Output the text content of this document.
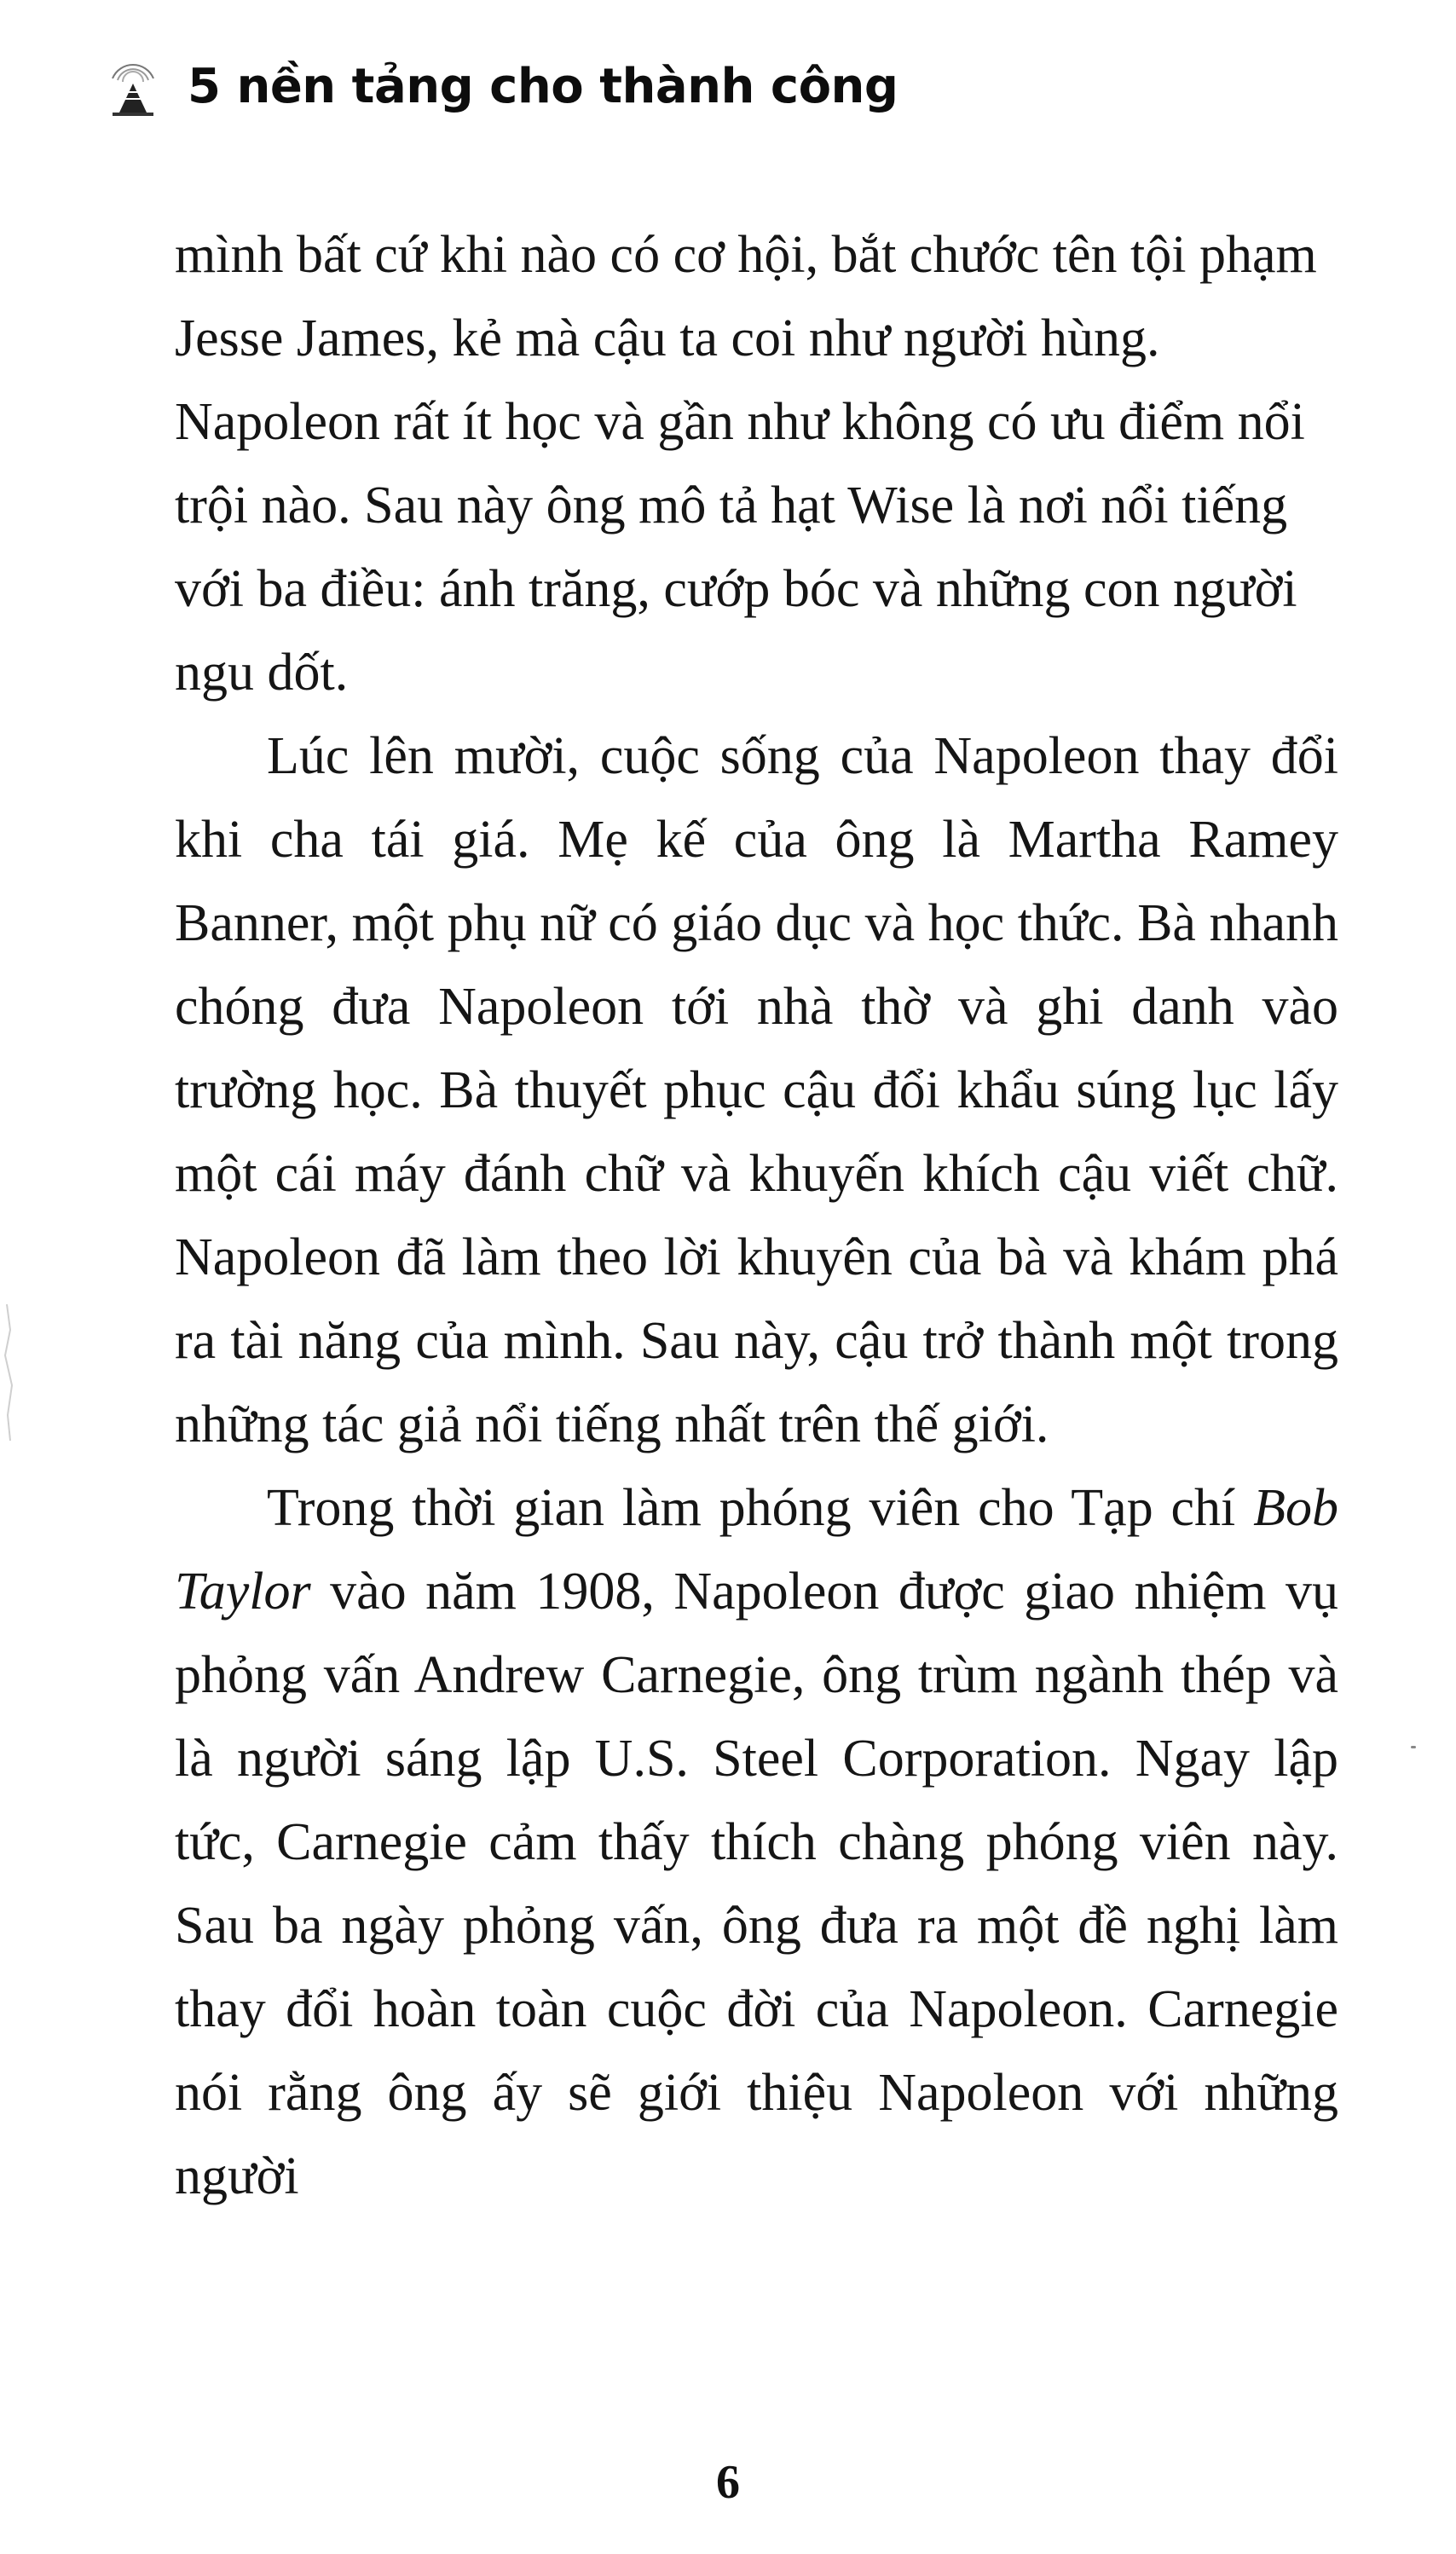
5 nền tảng cho thành công

mình bất cứ khi nào có cơ hội, bắt chước tên tội phạm Jesse James, kẻ mà cậu ta coi như người hùng. Napoleon rất ít học và gần như không có ưu điểm nổi trội nào. Sau này ông mô tả hạt Wise là nơi nổi tiếng với ba điều: ánh trăng, cướp bóc và những con người ngu dốt.

Lúc lên mười, cuộc sống của Napoleon thay đổi khi cha tái giá. Mẹ kế của ông là Martha Ramey Banner, một phụ nữ có giáo dục và học thức. Bà nhanh chóng đưa Napoleon tới nhà thờ và ghi danh vào trường học. Bà thuyết phục cậu đổi khẩu súng lục lấy một cái máy đánh chữ và khuyến khích cậu viết chữ. Napoleon đã làm theo lời khuyên của bà và khám phá ra tài năng của mình. Sau này, cậu trở thành một trong những tác giả nổi tiếng nhất trên thế giới.

Trong thời gian làm phóng viên cho Tạp chí Bob Taylor vào năm 1908, Napoleon được giao nhiệm vụ phỏng vấn Andrew Carnegie, ông trùm ngành thép và là người sáng lập U.S. Steel Corporation. Ngay lập tức, Carnegie cảm thấy thích chàng phóng viên này. Sau ba ngày phỏng vấn, ông đưa ra một đề nghị làm thay đổi hoàn toàn cuộc đời của Napoleon. Carnegie nói rằng ông ấy sẽ giới thiệu Napoleon với những người

6
